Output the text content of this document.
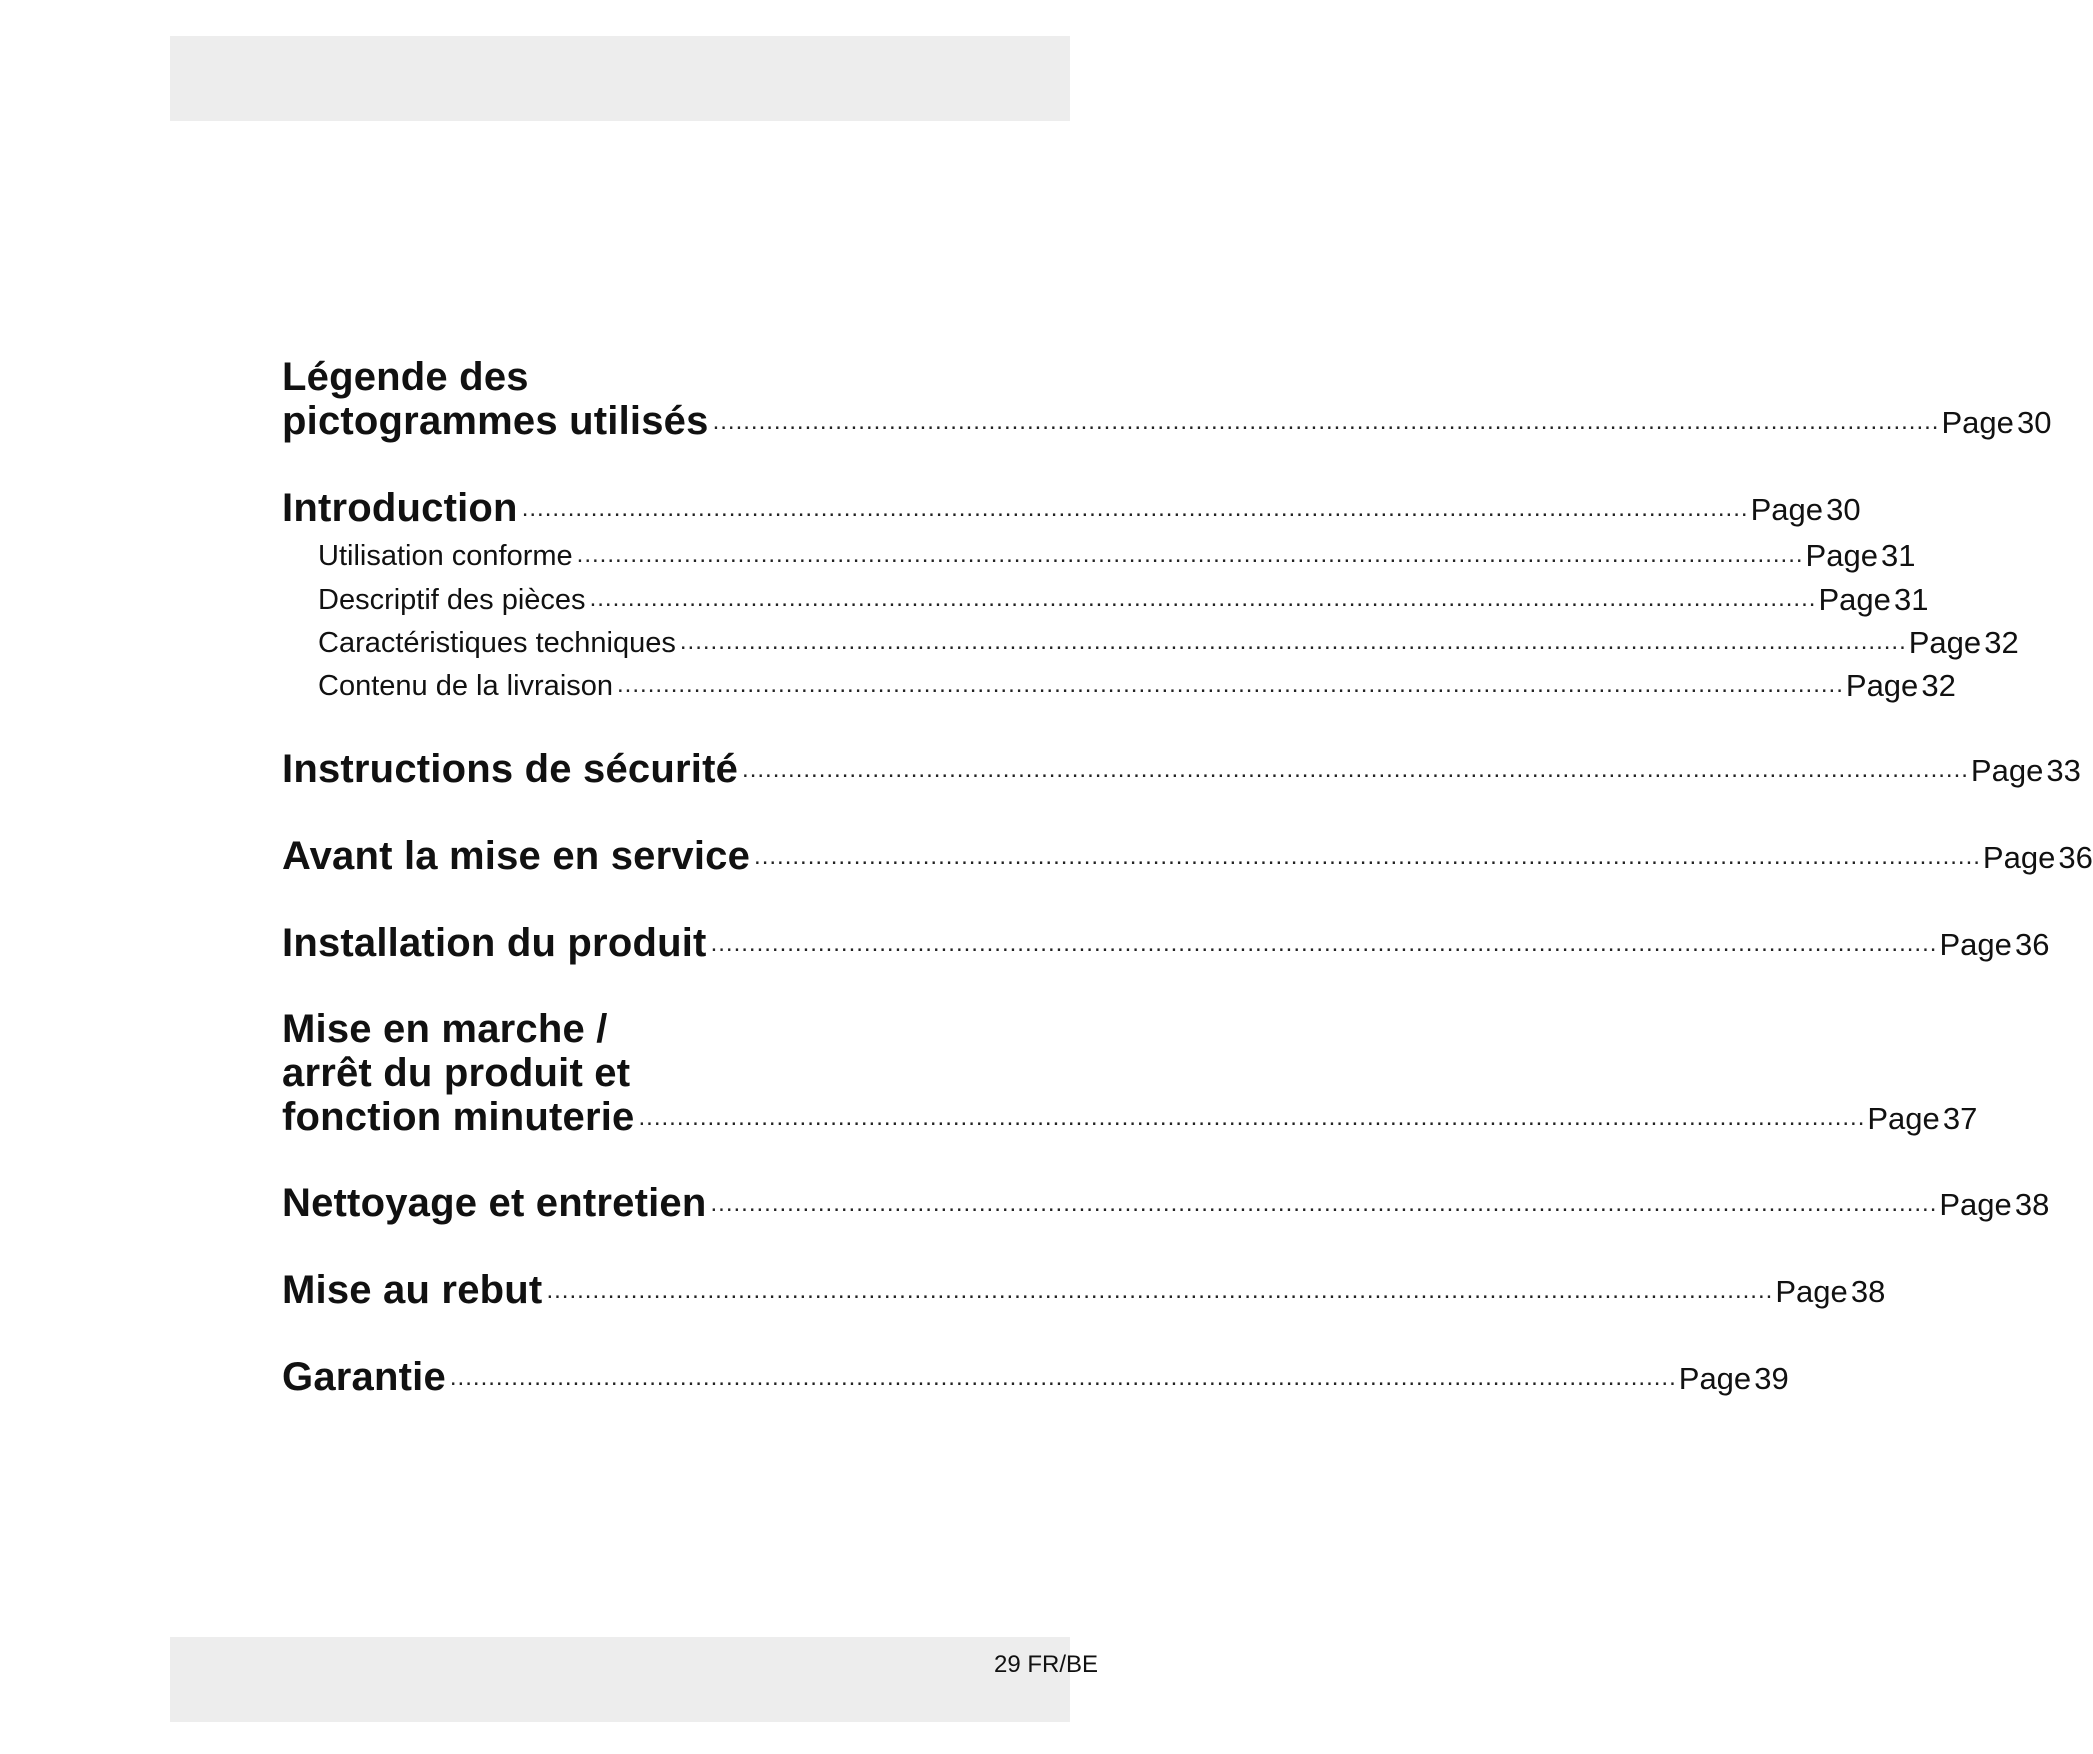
Légende des
pictogrammes utilisés .....	Page 30
Introduction .....	Page 30
Utilisation conforme .....	Page 31
Descriptif des pièces .....	Page 31
Caractéristiques techniques .....	Page 32
Contenu de la livraison .....	Page 32
Instructions de sécurité .....	Page 33
Avant la mise en service .....	Page 36
Installation du produit .....	Page 36
Mise en marche /
arrêt du produit et
fonction minuterie .....	Page 37
Nettoyage et entretien .....	Page 38
Mise au rebut .....	Page 38
Garantie .....	Page 39
29 FR/BE
